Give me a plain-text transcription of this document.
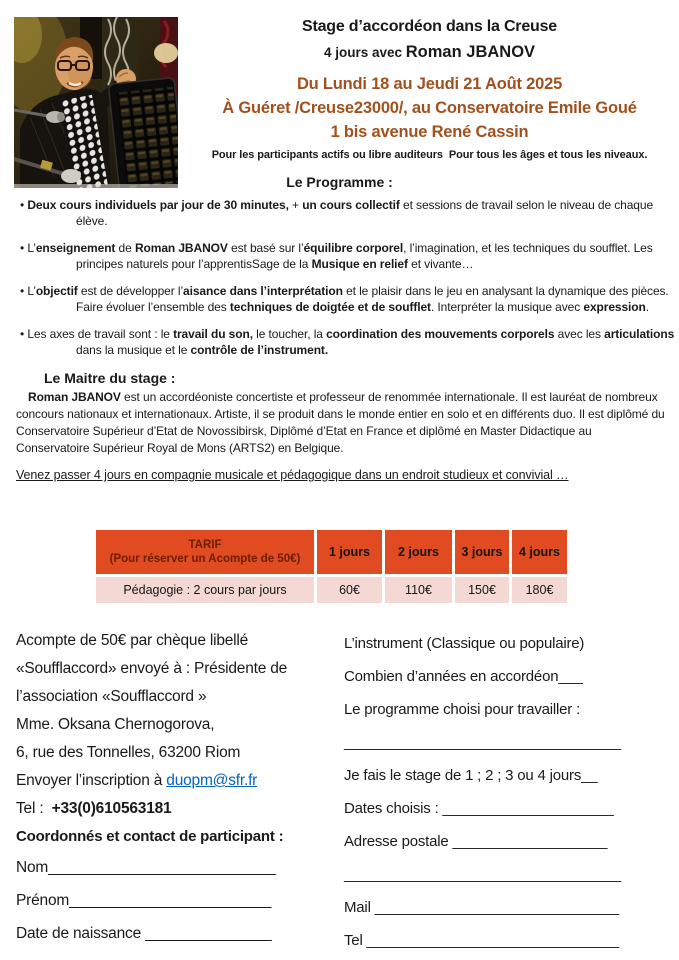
Stage d’accordéon dans la Creuse
4 jours avec Roman JBANOV
Du Lundi 18 au Jeudi 21 Août 2025
À Guéret /Creuse23000/, au Conservatoire Emile Goué
1 bis avenue René Cassin
Pour les participants actifs ou libre auditeurs  Pour tous les âges et tous les niveaux.
Le Programme :
• Deux cours individuels par jour de 30 minutes, + un cours collectif et sessions de travail selon le niveau de chaque élève.
• L’enseignement de Roman JBANOV est basé sur l’équilibre corporel, l’imagination, et les techniques du soufflet. Les principes naturels pour l’apprentisSage de la Musique en relief et vivante…
• L’objectif est de développer l’aisance dans l’interprétation et le plaisir dans le jeu en analysant la dynamique des pièces. Faire évoluer l’ensemble des techniques de doigtée et de soufflet. Interpréter la musique avec expression.
• Les axes de travail sont : le travail du son, le toucher, la coordination des mouvements corporels avec les articulations dans la musique et le contrôle de l’instrument.
Le Maitre du stage :
Roman JBANOV est un accordéoniste concertiste et professeur de renommée internationale. Il est lauréat de nombreux concours nationaux et internationaux. Artiste, il se produit dans le monde entier en solo et en différents duo. Il est diplômé du Conservatoire Supérieur d’Etat de Novossibirsk, Diplômé d’Etat en France et diplômé en Master Didactique au Conservatoire Supérieur Royal de Mons (ARTS2) en Belgique.
Venez passer 4 jours en compagnie musicale et pédagogique dans un endroit studieux et convivial …
TARIF
(Pour réserver un Acompte de 50€)	1 jours	2 jours	3 jours	4 jours
Pédagogie : 2 cours par jours	60€	110€	150€	180€
Acompte de 50€ par chèque libellé
«Soufflaccord» envoyé à : Présidente de
l’association «Soufflaccord »
Mme. Oksana Chernogorova,
6, rue des Tonnelles, 63200 Riom
Envoyer l’inscription à duopm@sfr.fr
Tel :  +33(0)610563181
Coordonnés et contact de participant :
Nom___________________________
Prénom________________________
Date de naissance _______________
L’instrument (Classique ou populaire)
Combien d’années en accordéon___
Le programme choisi pour travailler :
__________________________________
Je fais le stage de 1 ; 2 ; 3 ou 4 jours__
Dates choisis : _____________________
Adresse postale ___________________
__________________________________
Mail ______________________________
Tel _______________________________
